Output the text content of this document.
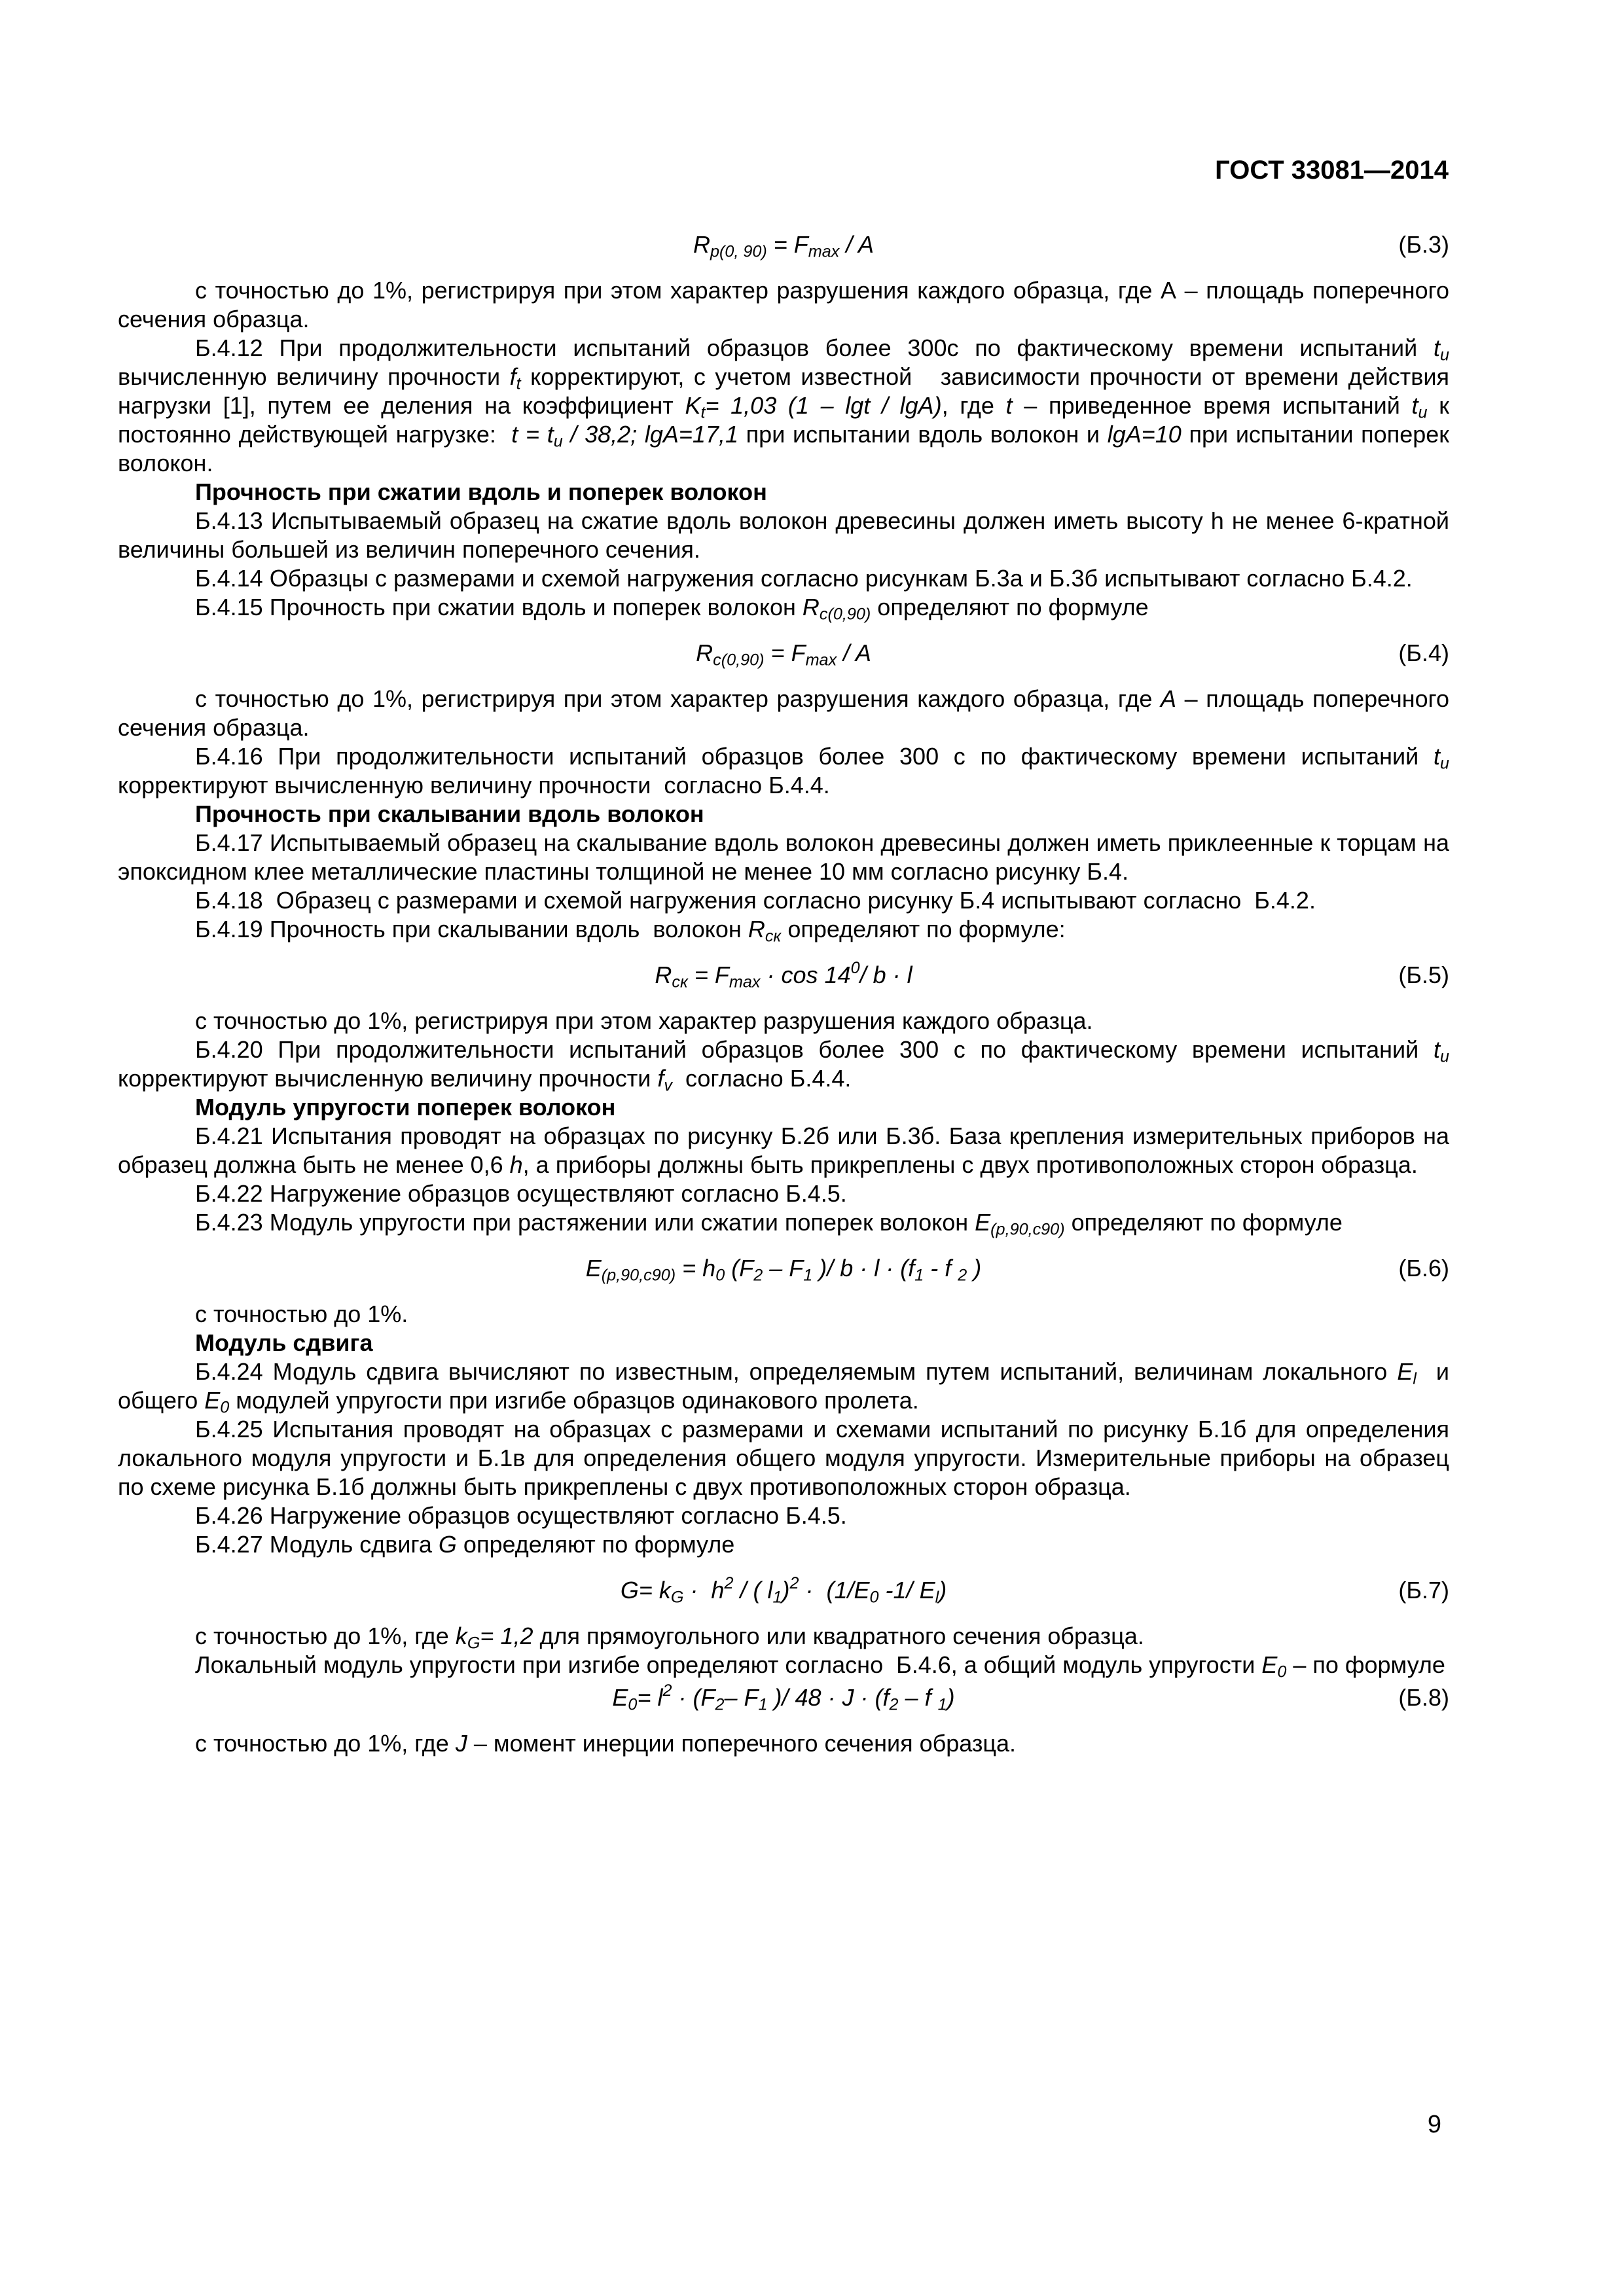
ГОСТ 33081—2014
$R_{p(0, 90)} = F_{max} / A$	(Б.3)

с точностью до 1%, регистрируя при этом характер разрушения каждого образца, где А – площадь поперечного сечения образца.

Б.4.12 При продолжительности испытаний образцов более 300с по фактическому времени испытаний $t_u$ вычисленную величину прочности $f_t$ корректируют, с учетом известной   зависимости прочности от времени действия нагрузки [1], путем ее деления на коэффициент $K_t= 1,03$ (1 – lgt / lgA), где t – приведенное время испытаний $t_u$ к постоянно действующей нагрузке:  $t = t_u / 38,2$; lgA=17,1 при испытании вдоль волокон и lgA=10 при испытании поперек волокон.

Прочность при сжатии вдоль и поперек волокон

Б.4.13 Испытываемый образец на сжатие вдоль волокон древесины должен иметь высоту h не менее 6-кратной величины большей из величин поперечного сечения.

Б.4.14 Образцы с размерами и схемой нагружения согласно рисункам Б.3а и Б.3б испытывают согласно Б.4.2.

Б.4.15 Прочность при сжатии вдоль и поперек волокон $R_{c(0,90)}$ определяют по формуле

$R_{c(0,90)} = F_{max} / A$	(Б.4)

с точностью до 1%, регистрируя при этом характер разрушения каждого образца, где А – площадь поперечного сечения образца.

Б.4.16 При продолжительности испытаний образцов более 300 с по фактическому времени испытаний $t_u$ корректируют вычисленную величину прочности  согласно Б.4.4.

Прочность при скалывании вдоль волокон

Б.4.17 Испытываемый образец на скалывание вдоль волокон древесины должен иметь приклеенные к торцам на эпоксидном клее металлические пластины толщиной не менее 10 мм согласно рисунку Б.4.

Б.4.18  Образец с размерами и схемой нагружения согласно рисунку Б.4 испытывают согласно  Б.4.2.

Б.4.19 Прочность при скалывании вдоль  волокон $R_{ск}$ определяют по формуле:

$R_{ск} = F_{max} \cdot \cos 14^0/$ b · l	(Б.5)

с точностью до 1%, регистрируя при этом характер разрушения каждого образца.

Б.4.20 При продолжительности испытаний образцов более 300 с по фактическому времени испытаний $t_u$ корректируют вычисленную величину прочности $f_v$  согласно Б.4.4.

Модуль упругости поперек волокон

Б.4.21 Испытания проводят на образцах по рисунку Б.2б или Б.3б. База крепления измерительных приборов на образец должна быть не менее 0,6 h, а приборы должны быть прикреплены с двух противоположных сторон образца.

Б.4.22 Нагружение образцов осуществляют согласно Б.4.5.

Б.4.23 Модуль упругости при растяжении или сжатии поперек волокон $E_{(p,90,c90)}$ определяют по формуле

$E_{(p,90,c90)} = h_0$ ($F_2 - F_1$ )/ $b \cdot l \cdot (f_1 - f$ $_2$ )	(Б.6)

с точностью до 1%.

Модуль сдвига

Б.4.24 Модуль сдвига вычисляют по известным, определяемым путем испытаний, величинам локального $E_l$  и общего $E_0$ модулей упругости при изгибе образцов одинакового пролета.

Б.4.25 Испытания проводят на образцах с размерами и схемами испытаний по рисунку Б.1б для определения локального модуля упругости и Б.1в для определения общего модуля упругости. Измерительные приборы на образец по схеме рисунка Б.1б должны быть прикреплены с двух противоположных сторон образца.

Б.4.26 Нагружение образцов осуществляют согласно Б.4.5.

Б.4.27 Модуль сдвига G определяют по формуле

$G= k_G \cdot h^2$ / ( $l_1)^2 \cdot (1/E_0$ -1/ $E_l$)	(Б.7)

с точностью до 1%, где $k_G= 1,2$ для прямоугольного или квадратного сечения образца.

Локальный модуль упругости при изгибе определяют согласно  Б.4.6, а общий модуль упругости $E_0$ – по формуле

$E_0= l^2 \cdot (F_2-$ $F_1$ )/ $48 \cdot J \cdot (f_2 - f$ $_1$)	(Б.8)

с точностью до 1%, где J – момент инерции поперечного сечения образца.

9
